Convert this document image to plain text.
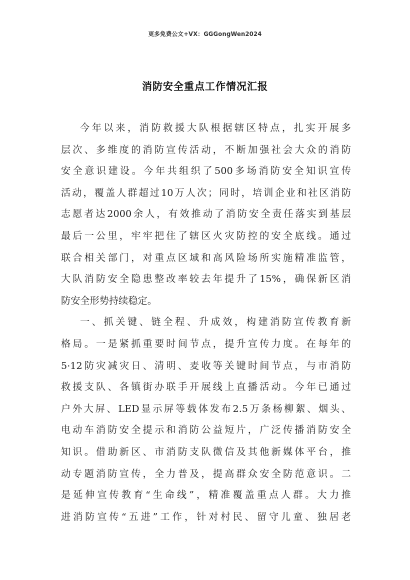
更多免费公文+VX：GGGongWen2024
消防安全重点工作情况汇报
今年以来，消防救援大队根据辖区特点，扎实开展多
层次、多维度的消防宣传活动，不断加强社会大众的消防
安全意识建设。今年共组织了500多场消防安全知识宣传
活动，覆盖人群超过10万人次；同时，培训企业和社区消防
志愿者达2000余人，有效推动了消防安全责任落实到基层
最后一公里，牢牢把住了辖区火灾防控的安全底线。通过
联合相关部门，对重点区域和高风险场所实施精准监管，
大队消防安全隐患整改率较去年提升了15%，确保新区消
防安全形势持续稳定。
一、抓关键、链全程、升成效，构建消防宣传教育新
格局。一是紧抓重要时间节点，提升宣传力度。在每年的
5·12防灾减灾日、清明、麦收等关键时间节点，与市消防
救援支队、各镇街办联手开展线上直播活动。今年已通过
户外大屏、LED显示屏等载体发布2.5万条杨柳絮、烟头、
电动车消防安全提示和消防公益短片，广泛传播消防安全
知识。借助新区、市消防支队微信及其他新媒体平台，推
动专题消防宣传，全力普及，提高群众安全防范意识。二
是延伸宣传教育“生命线”，精准覆盖重点人群。大力推
进消防宣传“五进”工作，针对村民、留守儿童、独居老
